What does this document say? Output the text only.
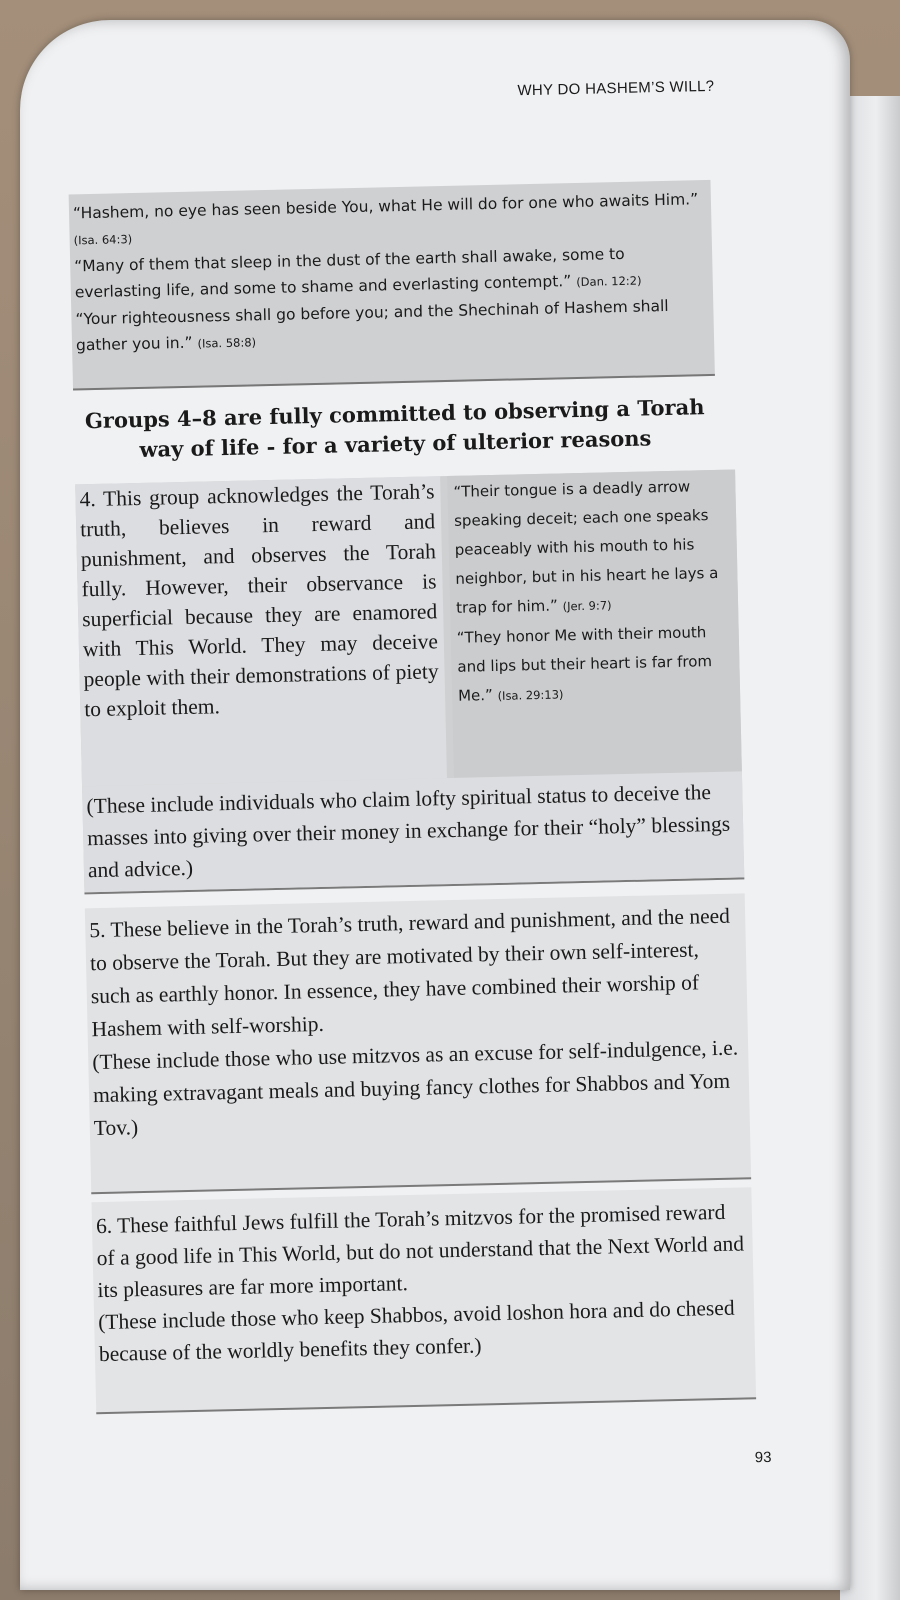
WHY DO HASHEM’S WILL?
“Hashem, no eye has seen beside You, what He will do for one who awaits Him.” (Isa. 64:3)
“Many of them that sleep in the dust of the earth shall awake, some to everlasting life, and some to shame and everlasting contempt.” (Dan. 12:2)
“Your righteousness shall go before you; and the Shechinah of Hashem shall gather you in.” (Isa. 58:8)
Groups 4–8 are fully committed to observing a Torah way of life - for a variety of ulterior reasons
4. This group acknowledges the Torah’s truth, believes in reward and punishment, and observes the Torah fully. However, their observance is superficial because they are enamored with This World. They may deceive people with their demonstrations of piety to exploit them.
“Their tongue is a deadly arrow speaking deceit; each one speaks peaceably with his mouth to his neighbor, but in his heart he lays a trap for him.” (Jer. 9:7)
“They honor Me with their mouth and lips but their heart is far from Me.” (Isa. 29:13)
(These include individuals who claim lofty spiritual status to deceive the masses into giving over their money in exchange for their “holy” blessings and advice.)
5. These believe in the Torah’s truth, reward and punishment, and the need to observe the Torah. But they are motivated by their own self-interest, such as earthly honor. In essence, they have combined their worship of Hashem with self-worship.
(These include those who use mitzvos as an excuse for self-indulgence, i.e. making extravagant meals and buying fancy clothes for Shabbos and Yom Tov.)
6. These faithful Jews fulfill the Torah’s mitzvos for the promised reward of a good life in This World, but do not understand that the Next World and its pleasures are far more important.
(These include those who keep Shabbos, avoid loshon hora and do chesed because of the worldly benefits they confer.)
93
